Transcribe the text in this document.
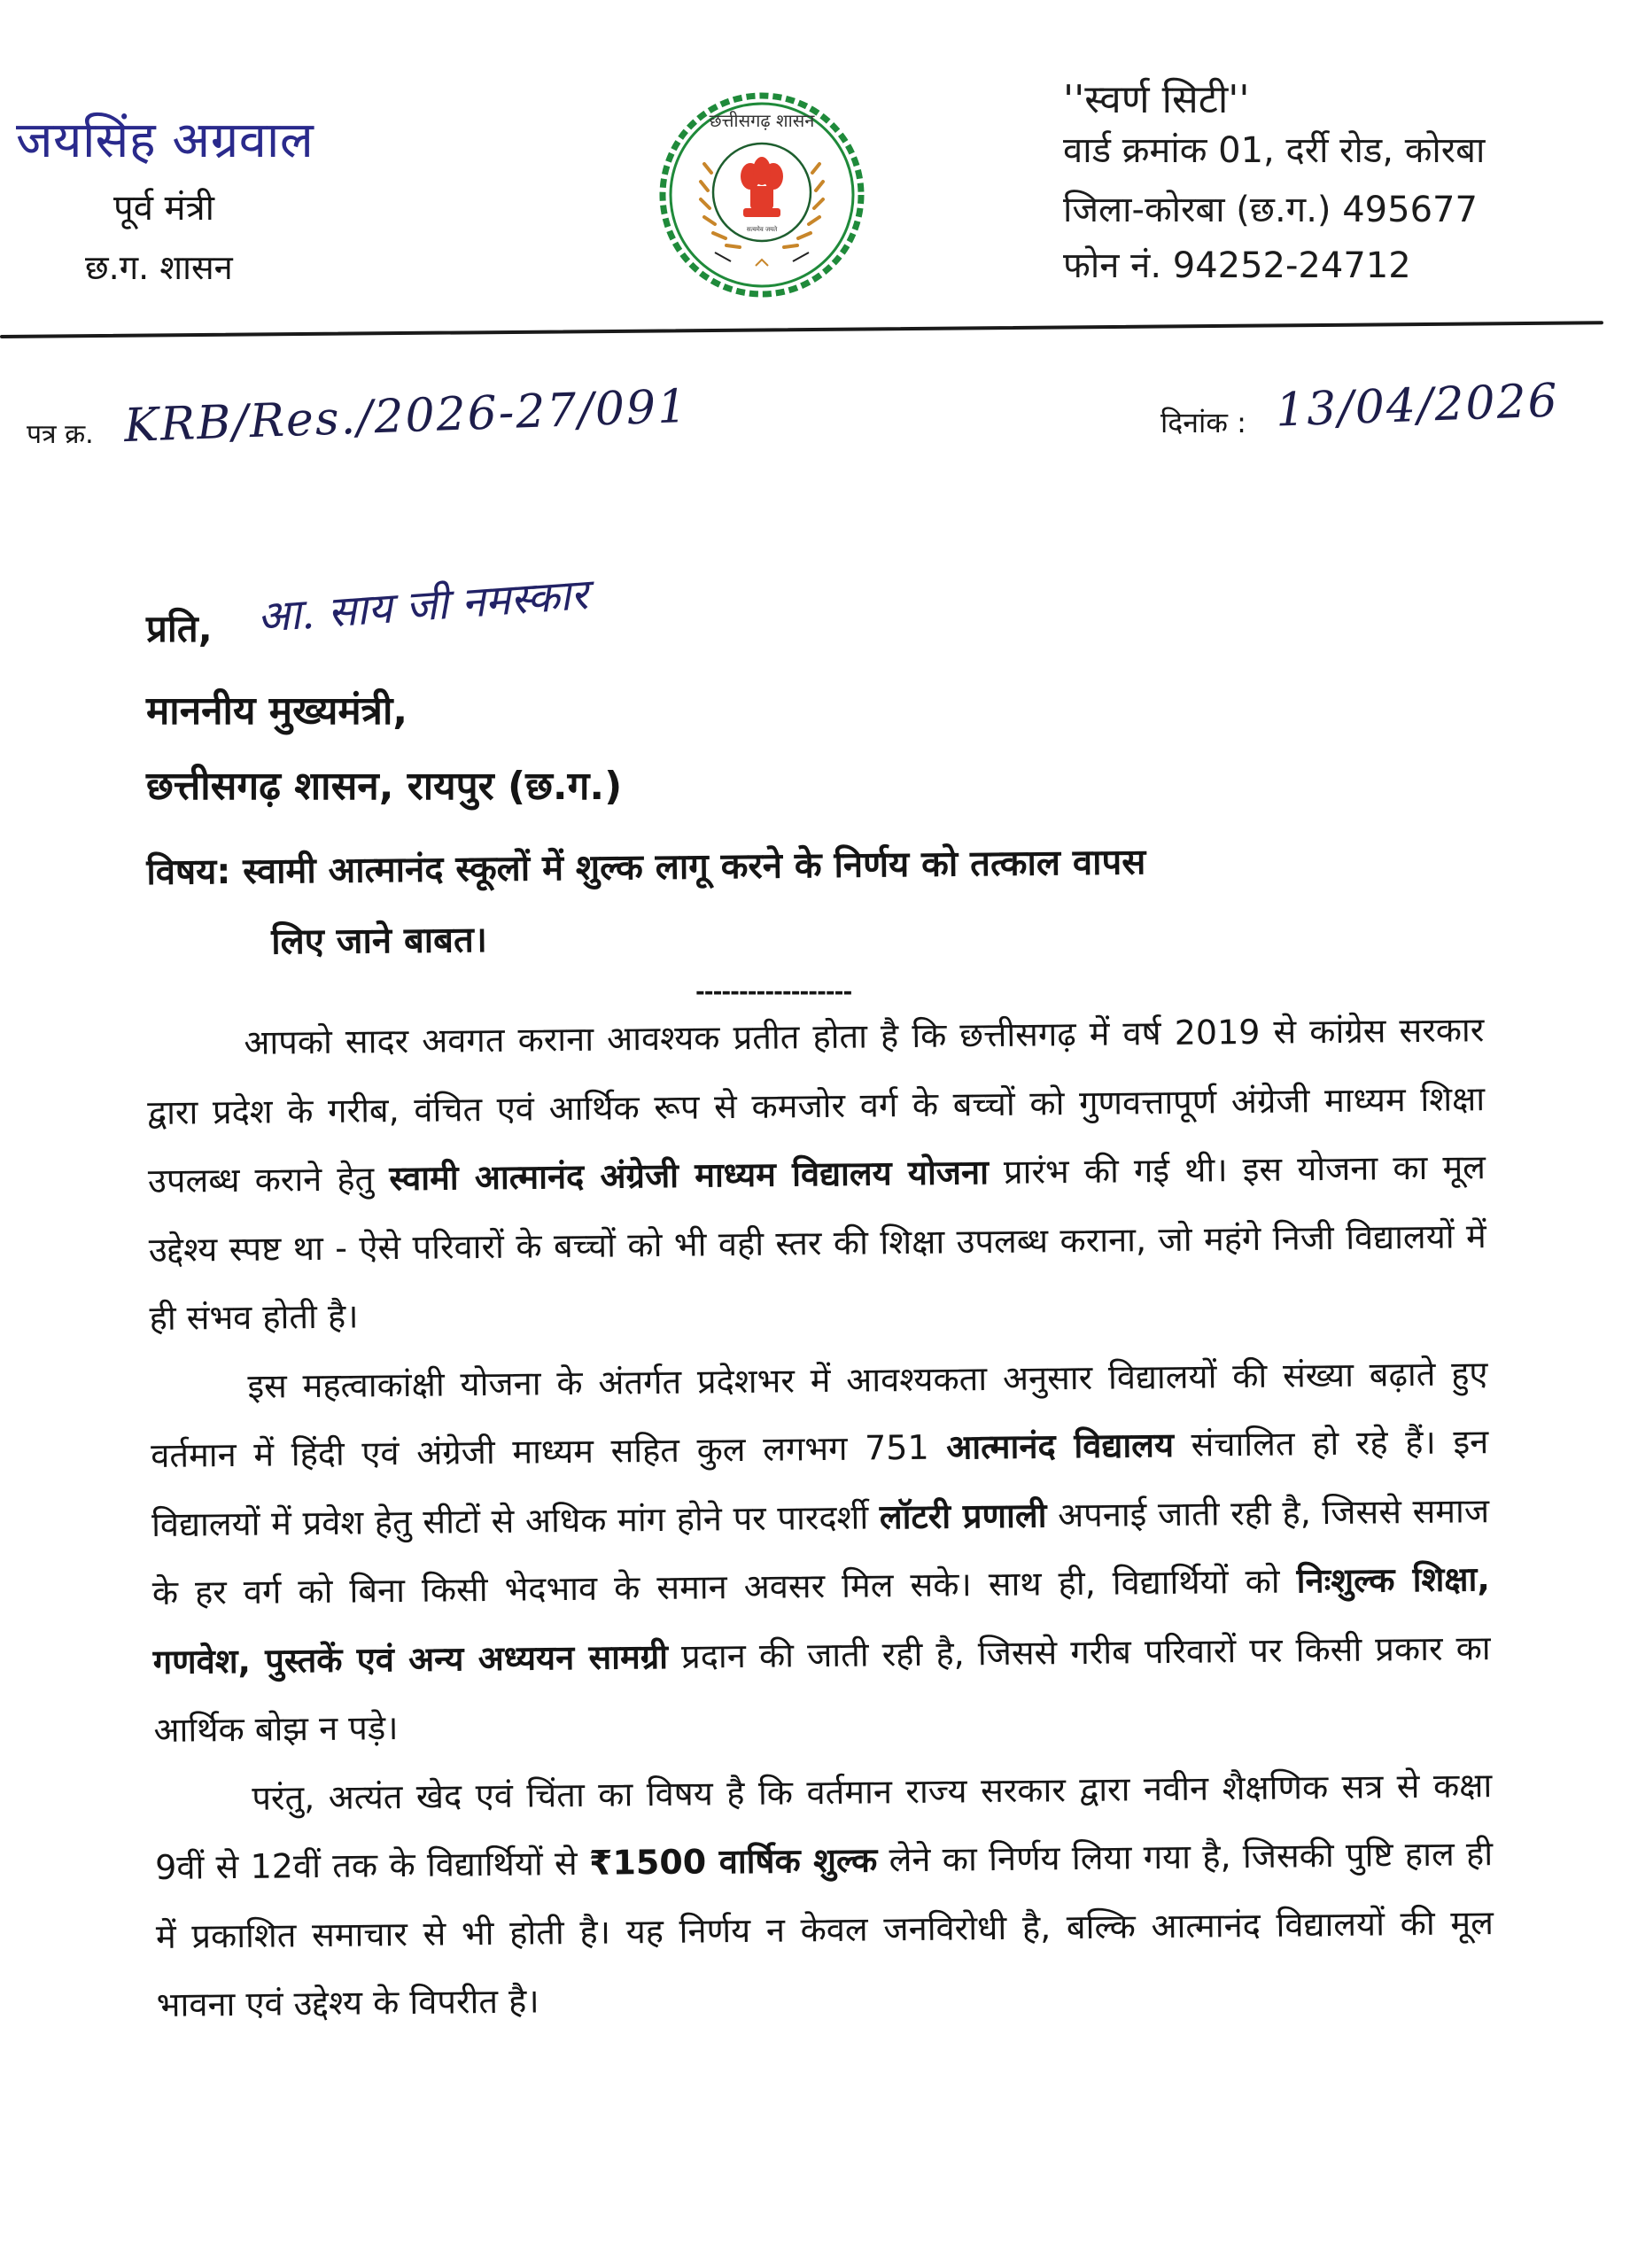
जयसिंह अग्रवाल
पूर्व मंत्री
छ.ग. शासन
सत्यमेव जयते
छत्तीसगढ़ शासन	''स्वर्ण सिटी''
वार्ड क्रमांक 01, दर्री रोड, कोरबा
जिला-कोरबा (छ.ग.) 495677
फोन नं. 94252-24712
पत्र क्र. KRB/Res./2026-27/091	दिनांक : 13/04/2026
प्रति, आ. साय जी नमस्कार
माननीय मुख्यमंत्री,
छत्तीसगढ़ शासन, रायपुर (छ.ग.)
विषय: स्वामी आत्मानंद स्कूलों में शुल्क लागू करने के निर्णय को तत्काल वापस
लिए जाने बाबत।
------------------

आपको सादर अवगत कराना आवश्यक प्रतीत होता है कि छत्तीसगढ़ में वर्ष 2019 से कांग्रेस सरकार द्वारा प्रदेश के गरीब, वंचित एवं आर्थिक रूप से कमजोर वर्ग के बच्चों को गुणवत्तापूर्ण अंग्रेजी माध्यम शिक्षा उपलब्ध कराने हेतु स्वामी आत्मानंद अंग्रेजी माध्यम विद्यालय योजना प्रारंभ की गई थी। इस योजना का मूल उद्देश्य स्पष्ट था - ऐसे परिवारों के बच्चों को भी वही स्तर की शिक्षा उपलब्ध कराना, जो महंगे निजी विद्यालयों में ही संभव होती है।

इस महत्वाकांक्षी योजना के अंतर्गत प्रदेशभर में आवश्यकता अनुसार विद्यालयों की संख्या बढ़ाते हुए वर्तमान में हिंदी एवं अंग्रेजी माध्यम सहित कुल लगभग 751 आत्मानंद विद्यालय संचालित हो रहे हैं। इन विद्यालयों में प्रवेश हेतु सीटों से अधिक मांग होने पर पारदर्शी लॉटरी प्रणाली अपनाई जाती रही है, जिससे समाज के हर वर्ग को बिना किसी भेदभाव के समान अवसर मिल सके। साथ ही, विद्यार्थियों को निःशुल्क शिक्षा, गणवेश, पुस्तकें एवं अन्य अध्ययन सामग्री प्रदान की जाती रही है, जिससे गरीब परिवारों पर किसी प्रकार का आर्थिक बोझ न पड़े।

परंतु, अत्यंत खेद एवं चिंता का विषय है कि वर्तमान राज्य सरकार द्वारा नवीन शैक्षणिक सत्र से कक्षा 9वीं से 12वीं तक के विद्यार्थियों से ₹1500 वार्षिक शुल्क लेने का निर्णय लिया गया है, जिसकी पुष्टि हाल ही में प्रकाशित समाचार से भी होती है। यह निर्णय न केवल जनविरोधी है, बल्कि आत्मानंद विद्यालयों की मूल भावना एवं उद्देश्य के विपरीत है।
